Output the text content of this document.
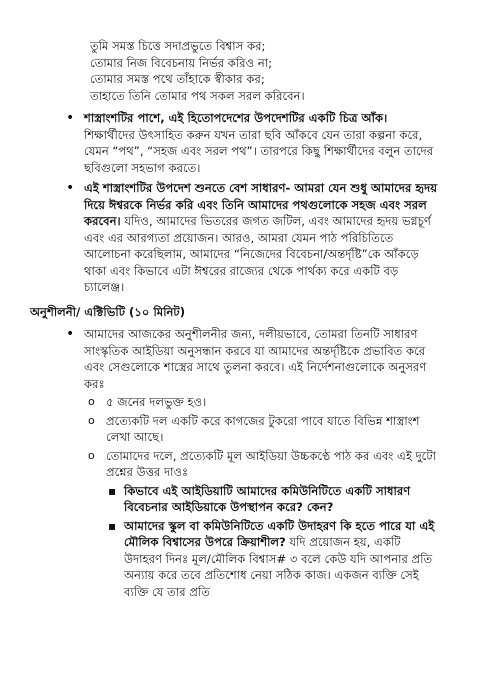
তুমি সমস্ত চিত্তে সদাপ্রভুতে বিশ্বাস কর;
তোমার নিজ বিবেচনায় নির্ভর করিও না;
তোমার সমস্ত পথে তাঁহাকে স্বীকার কর;
তাহাতে তিনি তোমার পথ সকল সরল করিবেন।
• শাস্ত্রাংশটির পাশে, এই হিতোপদেশের উপদেশটির একটি চিত্র আঁক। শিক্ষার্থীদের উৎসাহিত করুন যখন তারা ছবি আঁকবে যেন তারা কল্পনা করে, যেমন “পথ”, “সহজ এবং সরল পথ”। তারপরে কিছু শিক্ষার্থীদের বলুন তাদের ছবিগুলো সহভাগ করতে।
• এই শাস্ত্রাংশটির উপদেশ শুনতে বেশ সাধারণ- আমরা যেন শুধু আমাদের হৃদয় দিয়ে ঈশ্বরকে নির্ভর করি এবং তিনি আমাদের পথগুলোকে সহজ এবং সরল করবেন। যদিও, আমাদের ভিতরের জগত জটিল, এবং আমাদের হৃদয় ভগ্নচূর্ণ এবং এর আরগ্যতা প্রয়োজন। আরও, আমরা যেমন পাঠ পরিচিতিতে আলোচনা করেছিলাম, আমাদের “নিজেদের বিবেচনা/অন্তর্দৃষ্টি”কে আঁকড়ে থাকা এবং কিভাবে এটা ঈশ্বরের রাজ্যের থেকে পার্থক্য করে একটি বড় চ্যালেঞ্জ।
অনুশীলনী/ এক্টিভিটি (১০ মিনিট)
• আমাদের আজকের অনুশীলনীর জন্য, দলীয়ভাবে, তোমরা তিনটি সাধারণ সাংস্কৃতিক আইডিয়া অনুসন্ধান করবে যা আমাদের অন্তর্দৃষ্টিকে প্রভাবিত করে এবং সেগুলোকে শাস্ত্রের সাথে তুলনা করবে। এই নির্দেশনাগুলোকে অনুসরণ করঃ
o ৫ জনের দলভুক্ত হও।
o প্রত্যেকটি দল একটি করে কাগজের টুকরো পাবে যাতে বিভিন্ন শাস্ত্রাংশ লেখা আছে।
o তোমাদের দলে, প্রত্যেকটি মূল আইডিয়া উচ্চকণ্ঠে পাঠ কর এবং এই দুটো প্রশ্নের উত্তর দাওঃ
▪ কিভাবে এই আইডিয়াটি আমাদের কমিউনিটিতে একটি সাধারণ বিবেচনার আইডিয়াকে উপস্থাপন করে? কেন?
▪ আমাদের স্কুল বা কমিউনিটিতে একটি উদাহরণ কি হতে পারে যা এই মৌলিক বিশ্বাসের উপরে ক্রিয়াশীল? যদি প্রয়োজন হয়, একটি উদাহরণ দিনঃ মূল/মৌলিক বিশ্বাস# ৩ বলে কেউ যদি আপনার প্রতি অন্যায় করে তবে প্রতিশোধ নেয়া সঠিক কাজ। একজন ব্যক্তি সেই ব্যক্তি যে তার প্রতি
